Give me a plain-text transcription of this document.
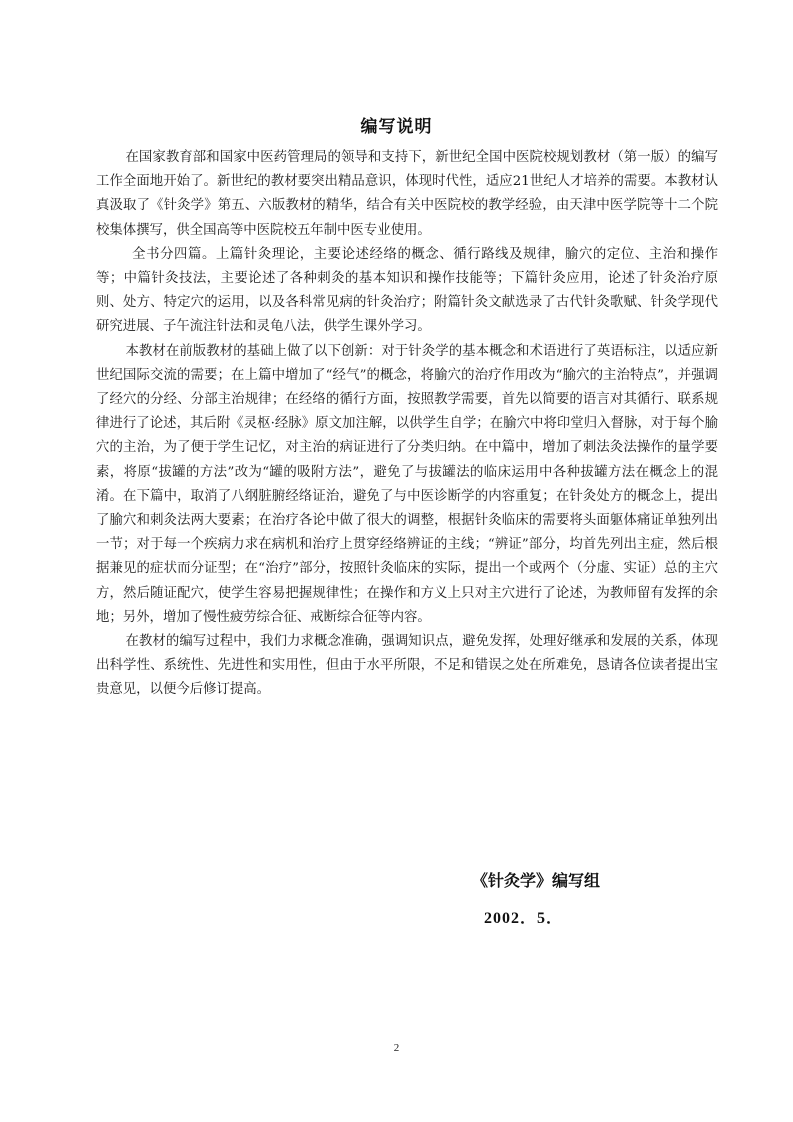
编写说明

在国家教育部和国家中医药管理局的领导和支持下，新世纪全国中医院校规划教材（第一版）的编写工作全面地开始了。新世纪的教材要突出精品意识，体现时代性，适应21世纪人才培养的需要。本教材认真汲取了《针灸学》第五、六版教材的精华，结合有关中医院校的教学经验，由天津中医学院等十二个院校集体撰写，供全国高等中医院校五年制中医专业使用。

全书分四篇。上篇针灸理论，主要论述经络的概念、循行路线及规律，腧穴的定位、主治和操作等；中篇针灸技法，主要论述了各种刺灸的基本知识和操作技能等；下篇针灸应用，论述了针灸治疗原则、处方、特定穴的运用，以及各科常见病的针灸治疗；附篇针灸文献选录了古代针灸歌赋、针灸学现代研究进展、子午流注针法和灵龟八法，供学生课外学习。

本教材在前版教材的基础上做了以下创新：对于针灸学的基本概念和术语进行了英语标注，以适应新世纪国际交流的需要；在上篇中增加了“经气”的概念，将腧穴的治疗作用改为“腧穴的主治特点”，并强调了经穴的分经、分部主治规律；在经络的循行方面，按照教学需要，首先以简要的语言对其循行、联系规律进行了论述，其后附《灵枢·经脉》原文加注解，以供学生自学；在腧穴中将印堂归入督脉，对于每个腧穴的主治，为了便于学生记忆，对主治的病证进行了分类归纳。在中篇中，增加了刺法灸法操作的量学要素，将原“拔罐的方法”改为“罐的吸附方法”，避免了与拔罐法的临床运用中各种拔罐方法在概念上的混淆。在下篇中，取消了八纲脏腑经络证治，避免了与中医诊断学的内容重复；在针灸处方的概念上，提出了腧穴和刺灸法两大要素；在治疗各论中做了很大的调整，根据针灸临床的需要将头面躯体痛证单独列出一节；对于每一个疾病力求在病机和治疗上贯穿经络辨证的主线；“辨证”部分，均首先列出主症，然后根据兼见的症状而分证型；在“治疗”部分，按照针灸临床的实际，提出一个或两个（分虚、实证）总的主穴方，然后随证配穴，使学生容易把握规律性；在操作和方义上只对主穴进行了论述，为教师留有发挥的余地；另外，增加了慢性疲劳综合征、戒断综合征等内容。

在教材的编写过程中，我们力求概念准确，强调知识点，避免发挥，处理好继承和发展的关系，体现出科学性、系统性、先进性和实用性，但由于水平所限，不足和错误之处在所难免，恳请各位读者提出宝贵意见，以便今后修订提高。

《针灸学》编写组
2002．5．
2
